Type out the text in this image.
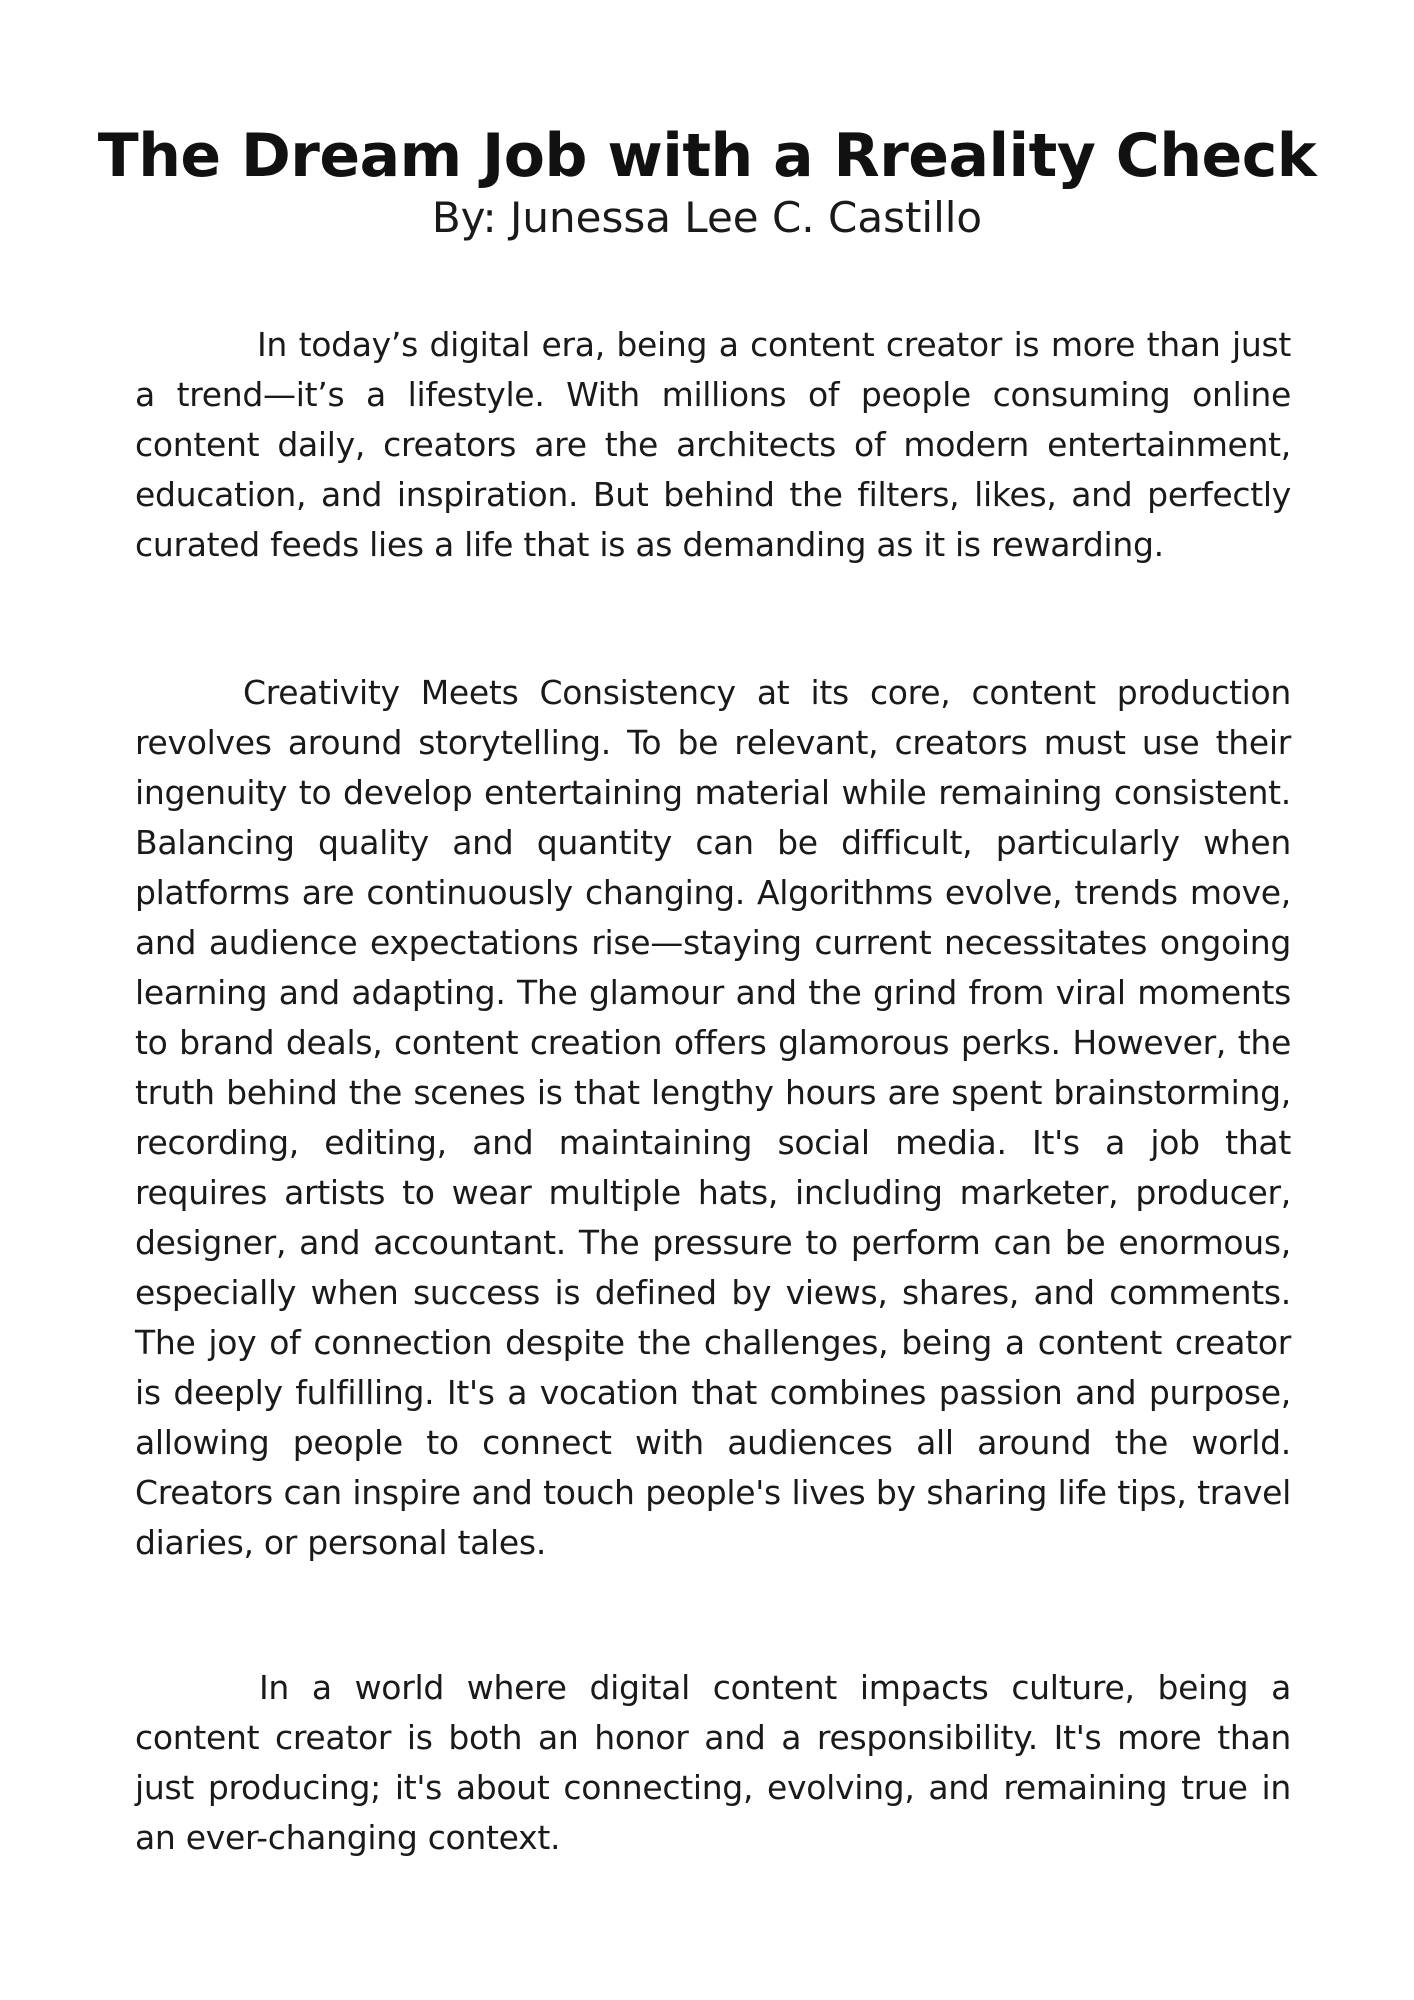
The Dream Job with a Rreality Check

By: Junessa Lee C. Castillo

In today’s digital era, being a content creator is more than just a trend—it’s a lifestyle. With millions of people consuming online content daily, creators are the architects of modern entertainment, education, and inspiration. But behind the filters, likes, and perfectly curated feeds lies a life that is as demanding as it is rewarding.

Creativity Meets Consistency at its core, content production revolves around storytelling. To be relevant, creators must use their ingenuity to develop entertaining material while remaining consistent. Balancing quality and quantity can be difficult, particularly when platforms are continuously changing. Algorithms evolve, trends move, and audience expectations rise—staying current necessitates ongoing learning and adapting. The glamour and the grind from viral moments to brand deals, content creation offers glamorous perks. However, the truth behind the scenes is that lengthy hours are spent brainstorming, recording, editing, and maintaining social media. It's a job that requires artists to wear multiple hats, including marketer, producer, designer, and accountant. The pressure to perform can be enormous, especially when success is defined by views, shares, and comments. The joy of connection despite the challenges, being a content creator is deeply fulfilling. It's a vocation that combines passion and purpose, allowing people to connect with audiences all around the world. Creators can inspire and touch people's lives by sharing life tips, travel diaries, or personal tales.

In a world where digital content impacts culture, being a content creator is both an honor and a responsibility. It's more than just producing; it's about connecting, evolving, and remaining true in an ever-changing context.
